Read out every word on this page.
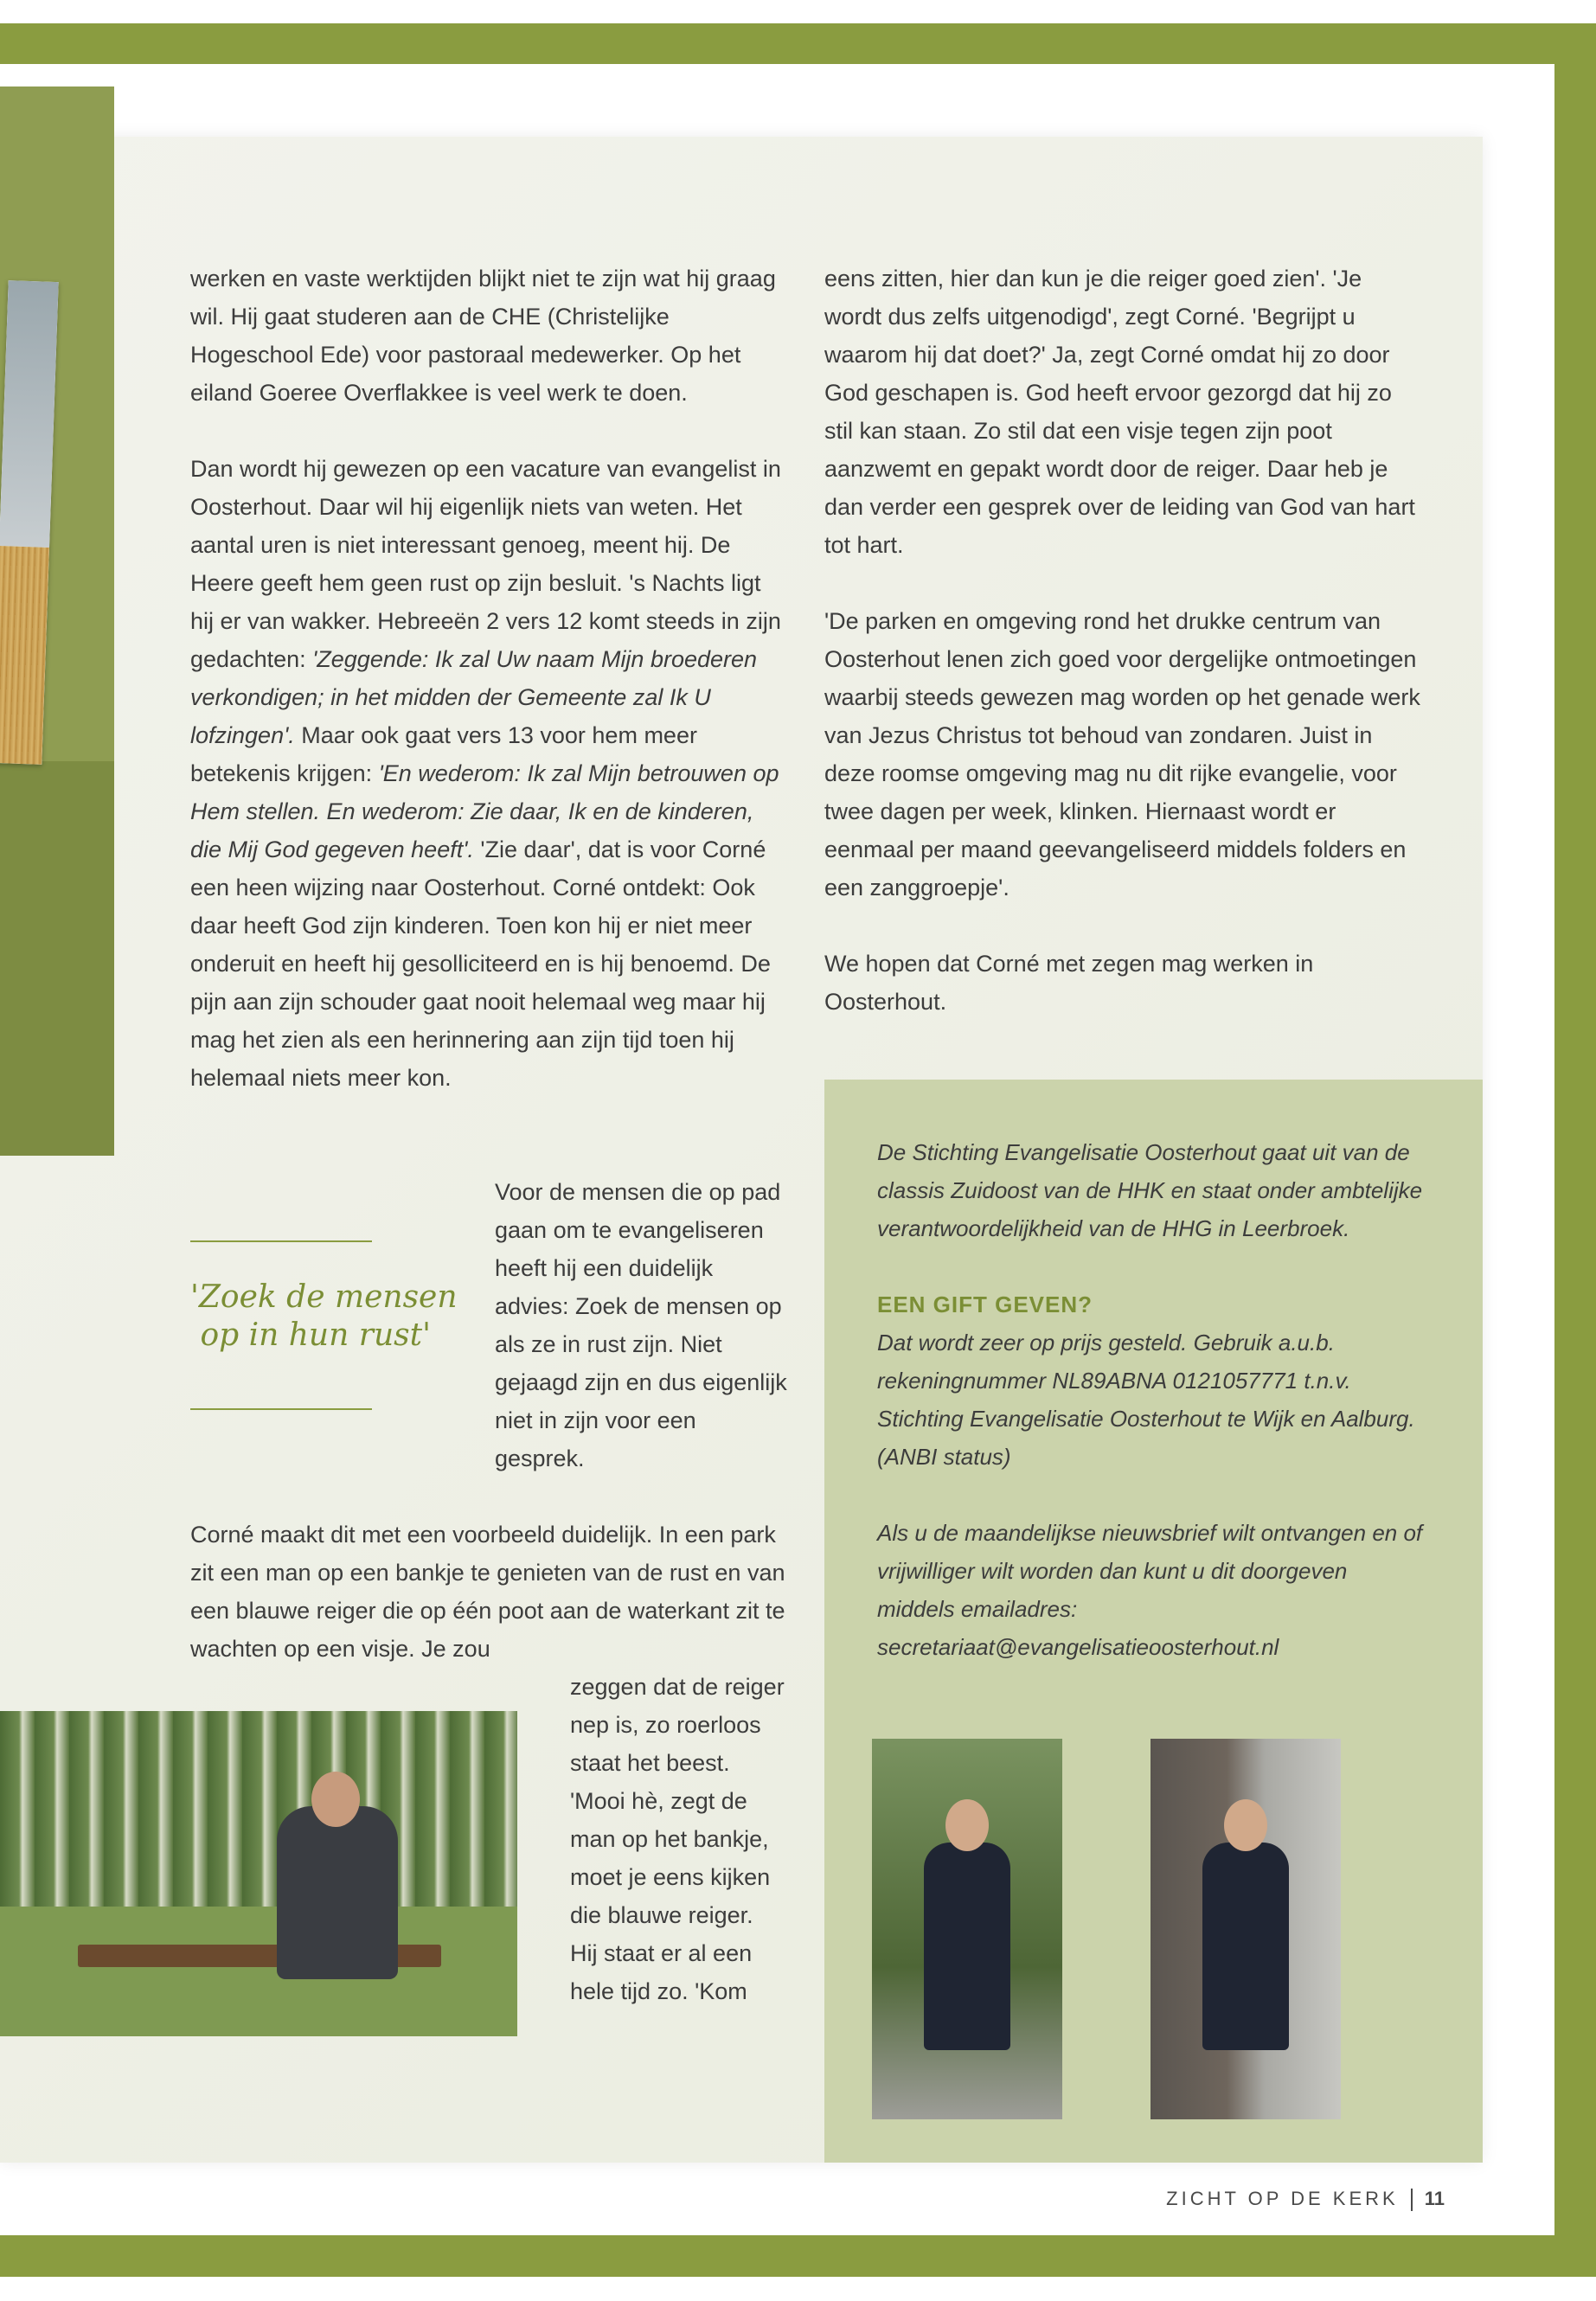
werken en vaste werktijden blijkt niet te zijn wat hij graag wil. Hij gaat studeren aan de CHE (Christelijke Hogeschool Ede) voor pastoraal medewerker. Op het eiland Goeree Overflakkee is veel werk te doen.

Dan wordt hij gewezen op een vacature van evangelist in Oosterhout. Daar wil hij eigenlijk niets van weten. Het aantal uren is niet interessant genoeg, meent hij. De Heere geeft hem geen rust op zijn besluit. 's Nachts ligt hij er van wakker. Hebreeën 2 vers 12 komt steeds in zijn gedachten: 'Zeggende: Ik zal Uw naam Mijn broederen verkondigen; in het midden der Gemeente zal Ik U lofzingen'. Maar ook gaat vers 13 voor hem meer betekenis krijgen: 'En wederom: Ik zal Mijn betrouwen op Hem stellen. En wederom: Zie daar, Ik en de kinderen, die Mij God gegeven heeft'. 'Zie daar', dat is voor Corné een heen wijzing naar Oosterhout. Corné ontdekt: Ook daar heeft God zijn kinderen. Toen kon hij er niet meer onderuit en heeft hij gesolliciteerd en is hij benoemd. De pijn aan zijn schouder gaat nooit helemaal weg maar hij mag het zien als een herinnering aan zijn tijd toen hij helemaal niets meer kon.

'Zoek de mensen
op in hun rust'
Voor de mensen die op pad gaan om te evangeliseren heeft hij een duidelijk advies: Zoek de mensen op als ze in rust zijn. Niet gejaagd zijn en dus eigenlijk niet in zijn voor een gesprek.
Corné maakt dit met een voorbeeld duidelijk. In een park zit een man op een bankje te genieten van de rust en van een blauwe reiger die op één poot aan de waterkant zit te wachten op een visje. Je zou
zeggen dat de reiger nep is, zo roerloos staat het beest. 'Mooi hè, zegt de man op het bankje, moet je eens kijken die blauwe reiger. Hij staat er al een hele tijd zo. 'Kom

eens zitten, hier dan kun je die reiger goed zien'. 'Je wordt dus zelfs uitgenodigd', zegt Corné. 'Begrijpt u waarom hij dat doet?' Ja, zegt Corné omdat hij zo door God geschapen is. God heeft ervoor gezorgd dat hij zo stil kan staan. Zo stil dat een visje tegen zijn poot aanzwemt en gepakt wordt door de reiger. Daar heb je dan verder een gesprek over de leiding van God van hart tot hart.

'De parken en omgeving rond het drukke centrum van Oosterhout lenen zich goed voor dergelijke ontmoetingen waarbij steeds gewezen mag worden op het genade werk van Jezus Christus tot behoud van zondaren. Juist in deze roomse omgeving mag nu dit rijke evangelie, voor twee dagen per week, klinken. Hiernaast wordt er eenmaal per maand geevangeliseerd middels folders en een zanggroepje'.

We hopen dat Corné met zegen mag werken in Oosterhout.

De Stichting Evangelisatie Oosterhout gaat uit van de classis Zuidoost van de HHK en staat onder ambtelijke verantwoordelijkheid van de HHG in Leerbroek.

EEN GIFT GEVEN?

Dat wordt zeer op prijs gesteld. Gebruik a.u.b. rekeningnummer NL89ABNA 0121057771 t.n.v. Stichting Evangelisatie Oosterhout te Wijk en Aalburg. (ANBI status)

Als u de maandelijkse nieuwsbrief wilt ontvangen en of vrijwilliger wilt worden dan kunt u dit doorgeven middels emailadres: secretariaat@evangelisatieoosterhout.nl

ZICHT OP DE KERK 11
